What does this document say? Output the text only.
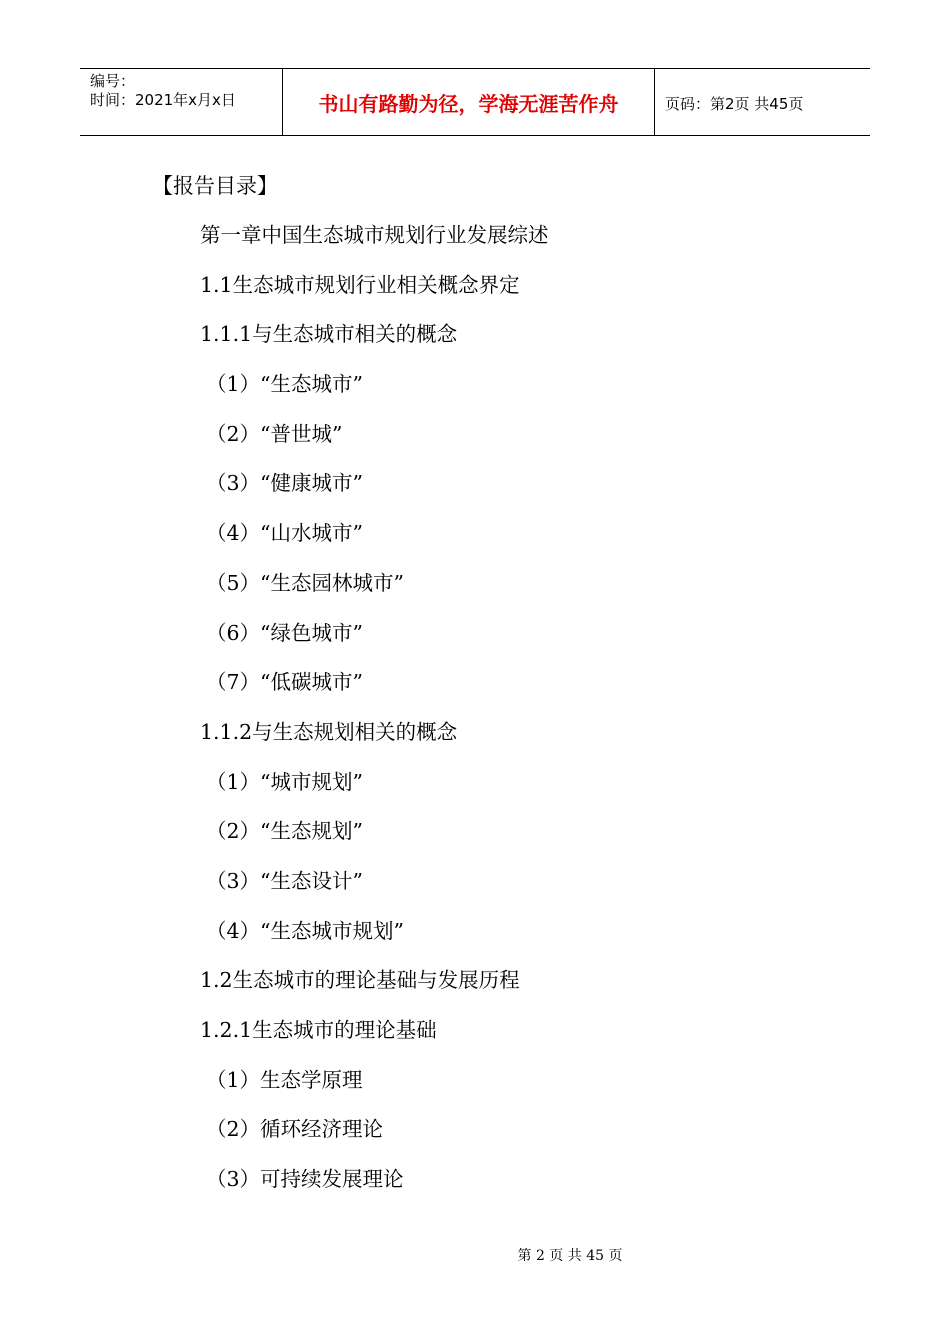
编号：
时间：2021年x月x日	书山有路勤为径，学海无涯苦作舟	页码：第2页 共45页
【报告目录】
第一章中国生态城市规划行业发展综述
1.1生态城市规划行业相关概念界定
1.1.1与生态城市相关的概念
（1）“生态城市”
（2）“普世城”
（3）“健康城市”
（4）“山水城市”
（5）“生态园林城市”
（6）“绿色城市”
（7）“低碳城市”
1.1.2与生态规划相关的概念
（1）“城市规划”
（2）“生态规划”
（3）“生态设计”
（4）“生态城市规划”
1.2生态城市的理论基础与发展历程
1.2.1生态城市的理论基础
（1）生态学原理
（2）循环经济理论
（3）可持续发展理论
第 2 页 共 45 页
